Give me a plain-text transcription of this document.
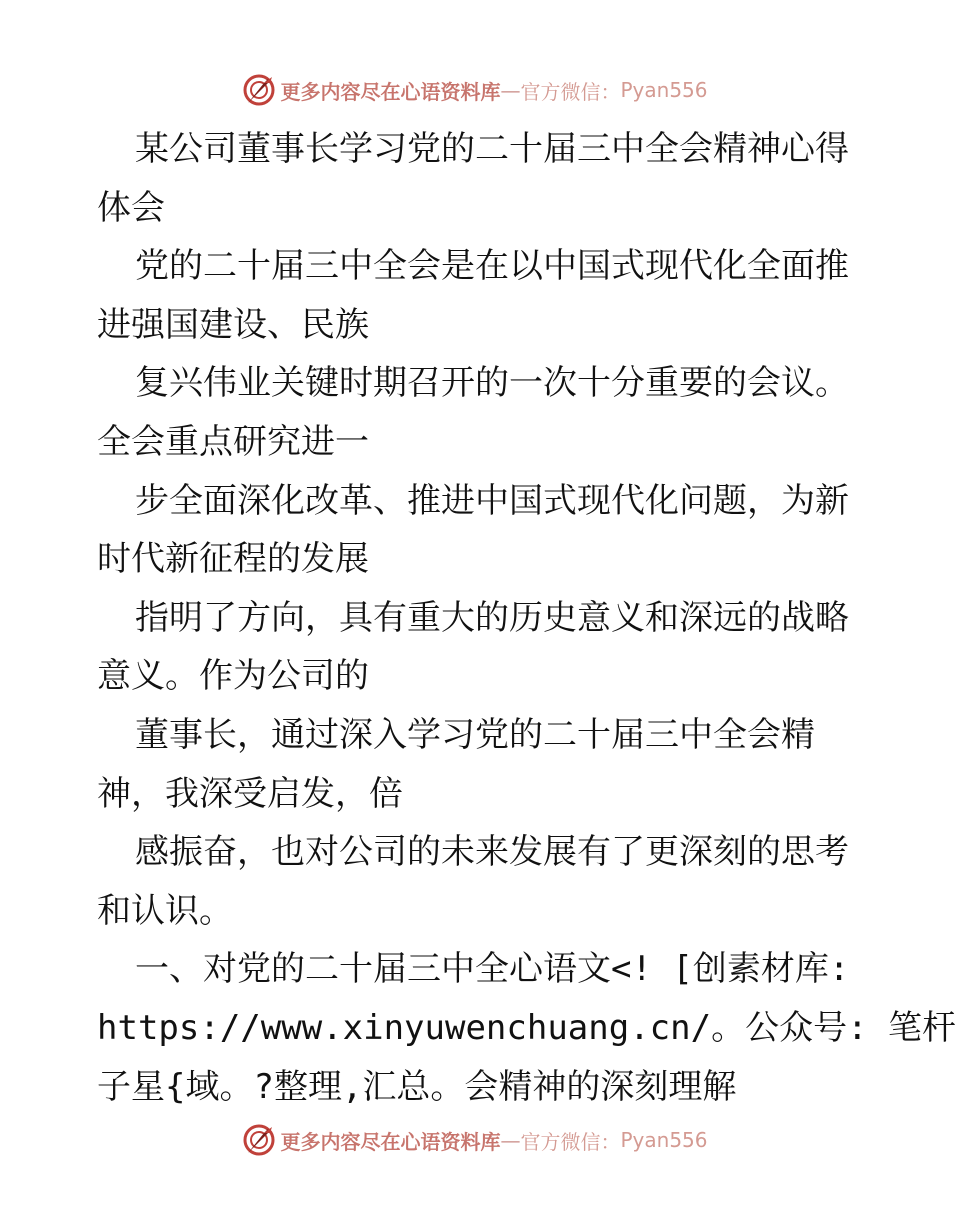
更多内容尽在心语资料库 — 官方微信： Pyan556
某公司董事长学习党的二十届三中全会精神心得
体会
党的二十届三中全会是在以中国式现代化全面推
进强国建设、民族
复兴伟业关键时期召开的一次十分重要的会议。
全会重点研究进一
步全面深化改革、推进中国式现代化问题，为新
时代新征程的发展
指明了方向，具有重大的历史意义和深远的战略
意义。作为公司的
董事长，通过深入学习党的二十届三中全会精
神，我深受启发，倍
感振奋，也对公司的未来发展有了更深刻的思考
和认识。
一、对党的二十届三中全心语文<! [创素材库:
https://www.xinyuwenchuang.cn/。公众号: 笔杆
子星{域。?整理,汇总。会精神的深刻理解
更多内容尽在心语资料库 — 官方微信： Pyan556
